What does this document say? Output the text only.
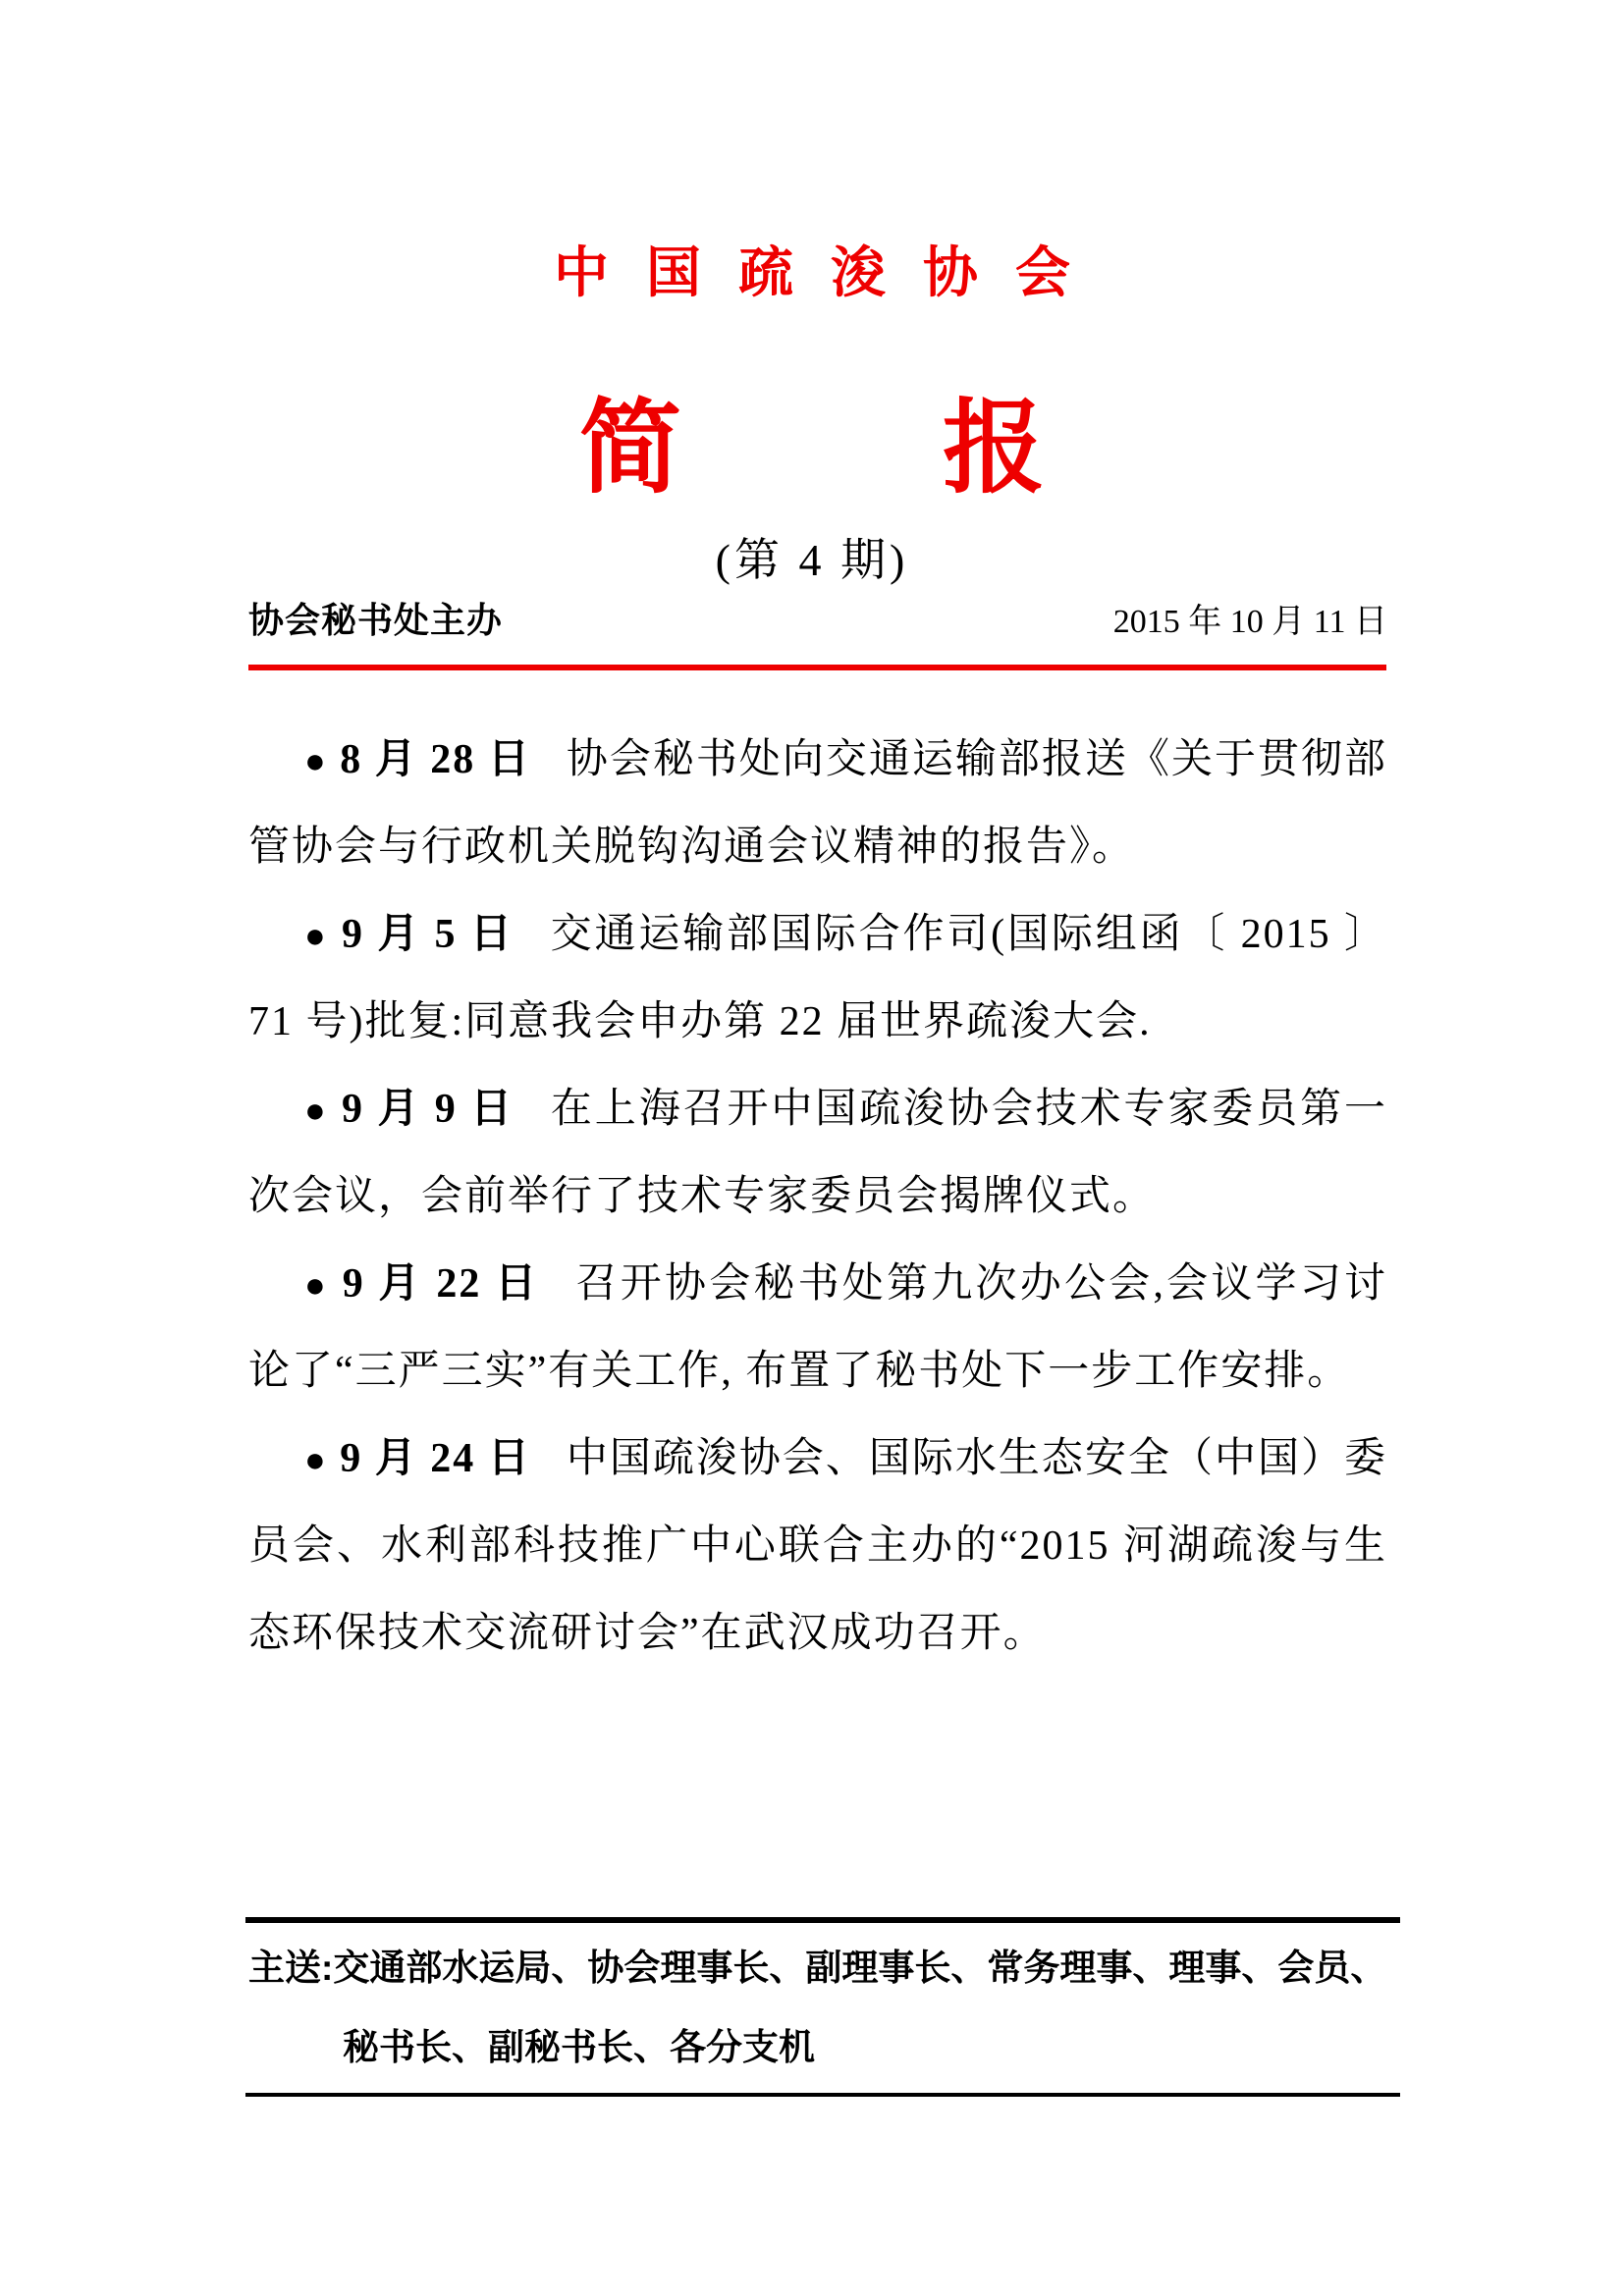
中国疏浚协会
简 报
(第 4 期)
协会秘书处主办	2015 年 10 月 11 日
● 8 月 28 日 协会秘书处向交通运输部报送《关于贯彻部
管协会与行政机关脱钩沟通会议精神的报告》。
● 9 月 5 日 交通运输部国际合作司(国际组函〔 2015 〕
71 号)批复:同意我会申办第 22 届世界疏浚大会.
● 9 月 9 日 在上海召开中国疏浚协会技术专家委员第一
次会议，会前举行了技术专家委员会揭牌仪式。
● 9 月 22 日 召开协会秘书处第九次办公会,会议学习讨
论了“三严三实”有关工作, 布置了秘书处下一步工作安排。
● 9 月 24 日 中国疏浚协会、国际水生态安全（中国）委
员会、水利部科技推广中心联合主办的“2015 河湖疏浚与生
态环保技术交流研讨会”在武汉成功召开。
主送:交通部水运局、协会理事长、副理事长、常务理事、理事、会员、
秘书长、副秘书长、各分支机
